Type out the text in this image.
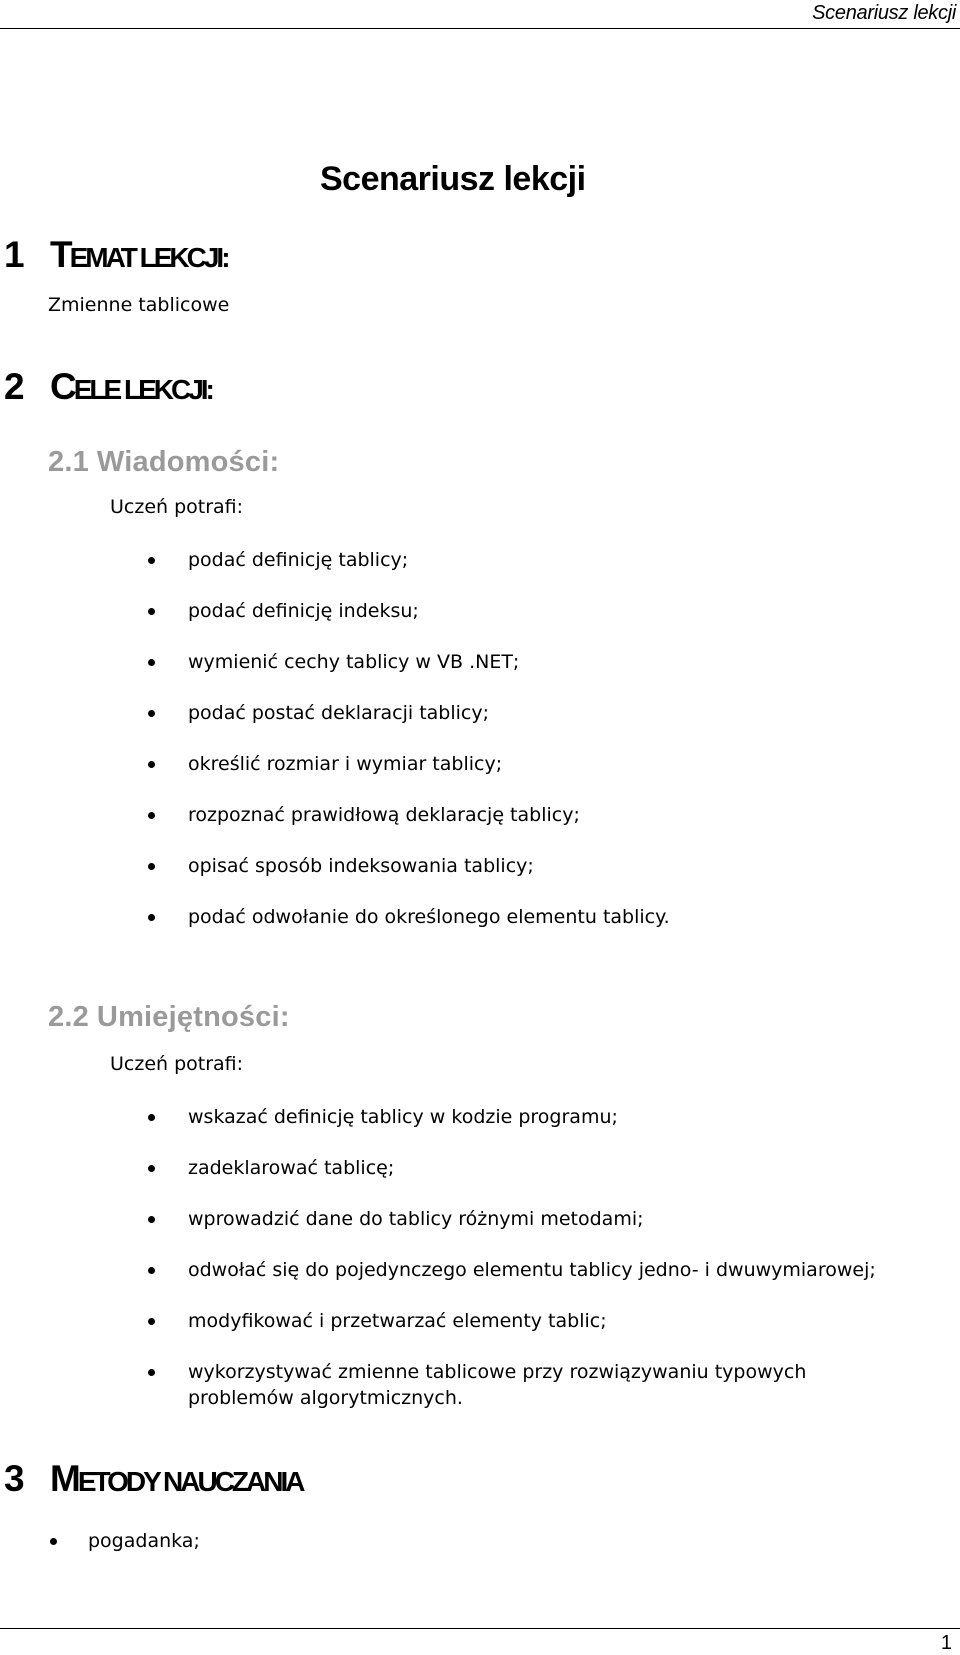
Scenariusz lekcji
Scenariusz lekcji
1 TEMAT LEKCJI:

Zmienne tablicowe

2 CELE LEKCJI:
2.1 Wiadomości:

Uczeń potrafi:

podać definicję tablicy;
podać definicję indeksu;
wymienić cechy tablicy w VB .NET;
podać postać deklaracji tablicy;
określić rozmiar i wymiar tablicy;
rozpoznać prawidłową deklarację tablicy;
opisać sposób indeksowania tablicy;
podać odwołanie do określonego elementu tablicy.
2.2 Umiejętności:

Uczeń potrafi:

wskazać definicję tablicy w kodzie programu;
zadeklarować tablicę;
wprowadzić dane do tablicy różnymi metodami;
odwołać się do pojedynczego elementu tablicy jedno- i dwuwymiarowej;
modyfikować i przetwarzać elementy tablic;
wykorzystywać zmienne tablicowe przy rozwiązywaniu typowych problemów algorytmicznych.
3 METODY NAUCZANIA
pogadanka;
1
